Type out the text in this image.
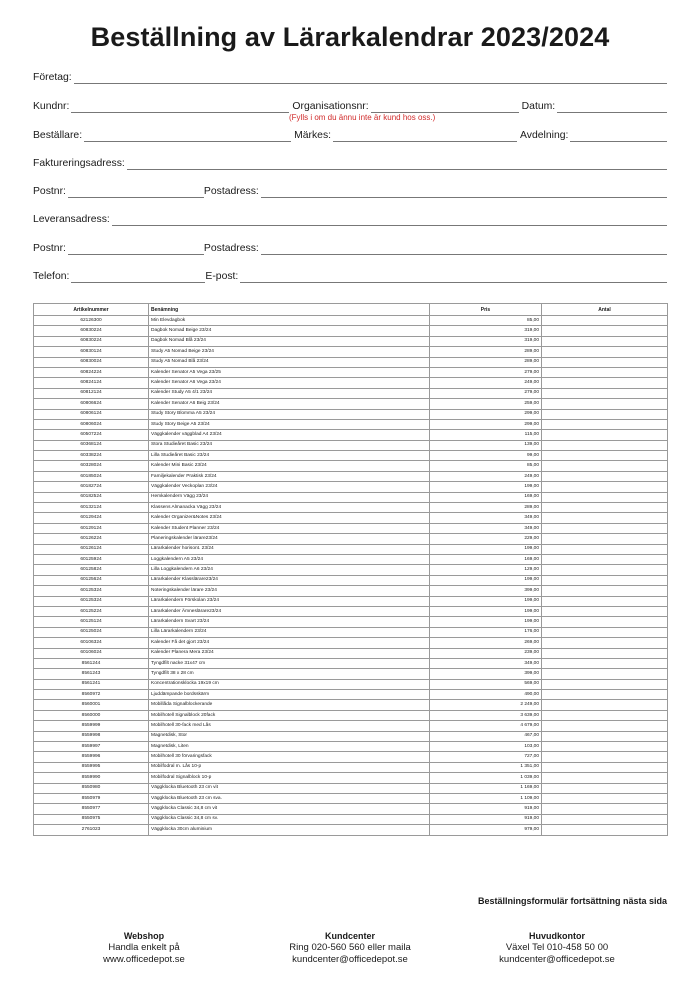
Beställning av Lärarkalendrar 2023/2024
Företag:
Kundnr:	Organisationsnr:	Datum:
(Fylls i om du ännu inte är kund hos oss.)
Beställare:	Märkes:	Avdelning:
Faktureringsadress:
Postnr:	Postadress:
Leveransadress:
Postnr:	Postadress:
Telefon:	E-post:
Artikelnummer	Benämning	Pris	Antal
62126300	Min Elevdagbok	85,00	
60830224	Dagbok Nomad Beige 23/24	319,00	
60830224	Dagbok Nomad Blå 23/24	319,00	
60830124	Study A5 Nomad Beige 23/24	289,00	
60830024	Study A5 Nomad Blå 23/24	289,00	
60824224	Kalender Senator A5 Vega 23/25	279,00	
60824124	Kalender Senator A6 Vega 23/24	249,00	
60812124	Kalender Study A5 4/1 23/24	279,00	
60806624	Kalender Senator A6 Beig 23/24	259,00	
60806124	Study Story Blomma A5 23/24	299,00	
60806024	Study Story Beige A5 23/24	299,00	
60507224	Väggkalender väggblad A4 23/24	115,00	
60368124	Stora Studieåret Basic 23/24	139,00	
60338224	Lilla Studieåret Basic 23/24	99,00	
60328024	Kalender Mini Basic 23/24	85,00	
60185024	Familjekalender Praktisk 23/24	249,00	
60182724	Väggkalender Veckoplan 23/24	199,00	
60182524	Hemkalendern Vägg 23/24	169,00	
60132124	Klassens Almanacka Vägg 23/24	289,00	
60129424	Kalender Organizer&Notes 23/24	349,00	
60129124	Kalender Student Planner 23/24	349,00	
60126224	Planeringskalender lärare23/24	229,00	
60126124	Lärarkalender horisont. 23/24	199,00	
60125924	Loggkalendern A5 23/24	169,00	
60125824	Lilla Loggkalendern A6 23/24	129,00	
60125624	Lärarkalender Klasslärare23/24	199,00	
60125324	Noteringskalender lärare 23/24	399,00	
60125324	Lärarkalendern Förskolan 23/24	199,00	
60125224	Lärarkalender Ämneslärare23/24	199,00	
60125124	Lärarkalendern Svart 23/24	199,00	
60125024	Lilla Lärarkalendern 23/24	176,00	
60106324	Kalender Få det gjort 23/24	269,00	
60106024	Kalender Planera Mera 23/24	239,00	
8561244	Tyngdfilt nacke 31x47 cm	349,00	
8561243	Tyngdfilt 38 x 28 cm	399,00	
8561241	Koncentrationsklocka 19x19 cm	569,00	
8560972	Ljuddämpande bordsskärm	490,00	
8560001	Mobillåda Signalblockerande	2 249,00	
8560000	Mobilhotell Signalblock 20fack	3 639,00	
8559999	Mobilhotell 30-fack med Lås	4 679,00	
8559998	Magnetdisk, Stor	467,00	
8559997	Magnetdisk, Liten	103,00	
8559996	Mobilhotell 30 förvaringsfack	727,00	
8559995	Mobilfodral m. Lås 10-p	1 351,00	
8559990	Mobilfodral Signalblock 10-p	1 039,00	
8550980	Väggklocka Bluetooth 23 cm vit	1 169,00	
8550979	Väggklocka Bluetooth 23 cm sva.	1 109,00	
8550977	Väggklocka Classic 34,8 cm vit	919,00	
8550975	Väggklocka Classic 34,8 cm sv.	919,00	
2761023	Väggklocka 30cm aluminium	979,00	
Beställningsformulär fortsättning nästa sida
Webshop
Handla enkelt på
www.officedepot.se
Kundcenter
Ring 020-560 560 eller maila
kundcenter@officedepot.se
Huvudkontor
Växel Tel 010-458 50 00
kundcenter@officedepot.se
